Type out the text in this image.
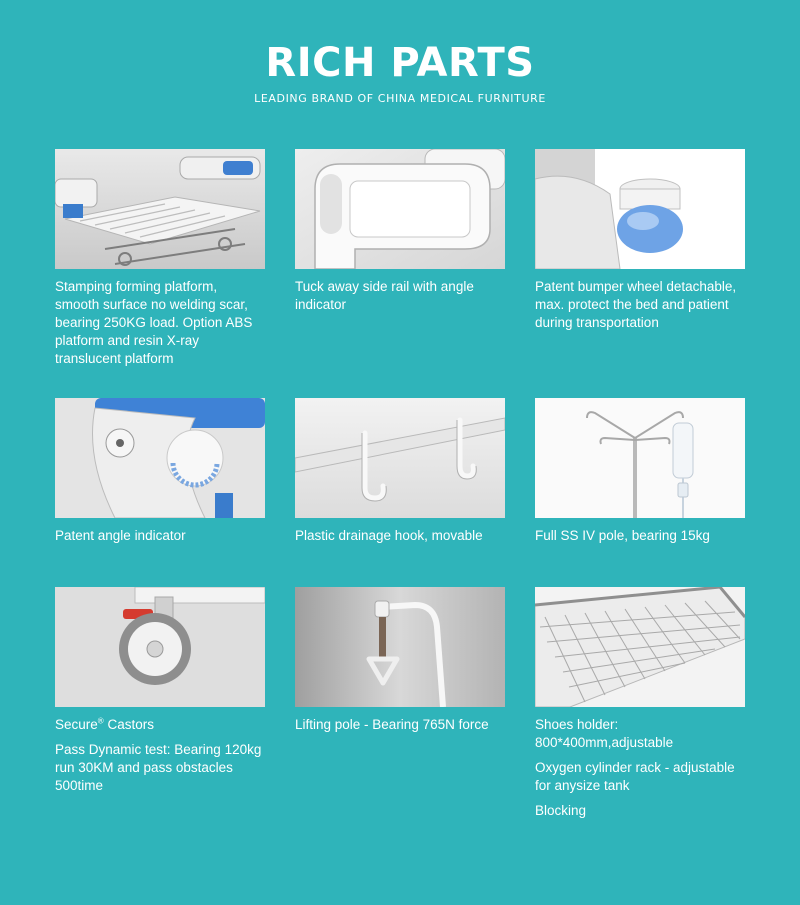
RICH PARTS
LEADING BRAND OF CHINA MEDICAL FURNITURE

Stamping forming platform, smooth surface no welding scar, bearing 250KG load. Option ABS platform and resin X-ray translucent platform

Tuck away side rail with angle indicator

Patent bumper wheel detachable, max. protect the bed and patient during transportation

Patent angle indicator	Plastic drainage hook, movable	Full SS IV pole, bearing 15kg

Secure® Castors

Pass Dynamic test: Bearing 120kg run 30KM and pass obstacles 500time

Lifting pole - Bearing 765N force	Shoes holder: 800*400mm,adjustable

Oxygen cylinder rack - adjustable for anysize tank

Blocking
